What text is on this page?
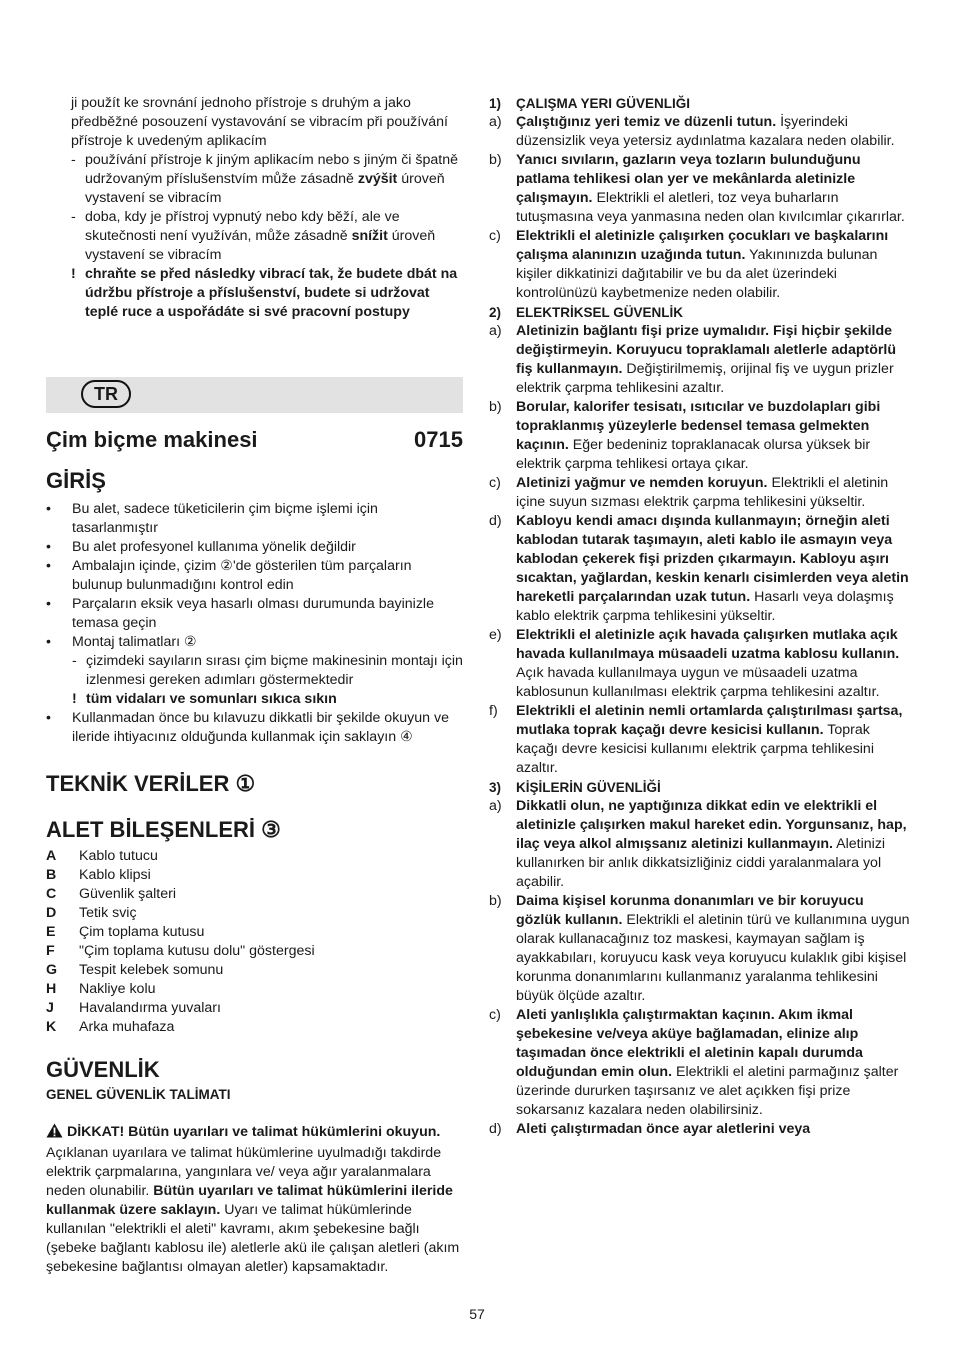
ji použít ke srovnání jednoho přístroje s druhým a jako předběžné posouzení vystavování se vibracím při používání přístroje k uvedeným aplikacím
- používání přístroje k jiným aplikacím nebo s jiným či špatně udržovaným příslušenstvím může zásadně zvýšit úroveň vystavení se vibracím
- doba, kdy je přístroj vypnutý nebo kdy běží, ale ve skutečnosti není využíván, může zásadně snížit úroveň vystavení se vibracím
! chraňte se před následky vibrací tak, že budete dbát na údržbu přístroje a příslušenství, budete si udržovat teplé ruce a uspořádáte si své pracovní postupy
TR
Çim biçme makinesi	0715
GİRİŞ
•	Bu alet, sadece tüketicilerin çim biçme işlemi için tasarlanmıştır
•	Bu alet profesyonel kullanıma yönelik değildir
•	Ambalajın içinde, çizim ②'de gösterilen tüm parçaların bulunup bulunmadığını kontrol edin
•	Parçaların eksik veya hasarlı olması durumunda bayinizle temasa geçin
•	Montaj talimatları ②
- çizimdeki sayıların sırası çim biçme makinesinin montajı için izlenmesi gereken adımları göstermektedir
! tüm vidaları ve somunları sıkıca sıkın
•	Kullanmadan önce bu kılavuzu dikkatli bir şekilde okuyun ve ileride ihtiyacınız olduğunda kullanmak için saklayın ④
TEKNİK VERİLER ①
ALET BİLEŞENLERİ ③
A	Kablo tutucu
B	Kablo klipsi
C	Güvenlik şalteri
D	Tetik sviç
E	Çim toplama kutusu
F	"Çim toplama kutusu dolu" göstergesi
G	Tespit kelebek somunu
H	Nakliye kolu
J	Havalandırma yuvaları
K	Arka muhafaza
GÜVENLİK
GENEL GÜVENLİK TALİMATI
DİKKAT! Bütün uyarıları ve talimat hükümlerini okuyun. Açıklanan uyarılara ve talimat hükümlerine uyulmadığı takdirde elektrik çarpmalarına, yangınlara ve/ veya ağır yaralanmalara neden olunabilir. Bütün uyarıları ve talimat hükümlerini ileride kullanmak üzere saklayın. Uyarı ve talimat hükümlerinde kullanılan "elektrikli el aleti" kavramı, akım şebekesine bağlı (şebeke bağlantı kablosu ile) aletlerle akü ile çalışan aletleri (akım şebekesine bağlantısı olmayan aletler) kapsamaktadır.
1)	ÇALIŞMA YERI GÜVENLIĞI
a)	Çalıştığınız yeri temiz ve düzenli tutun. İşyerindeki düzensizlik veya yetersiz aydınlatma kazalara neden olabilir.
b)	Yanıcı sıvıların, gazların veya tozların bulunduğunu patlama tehlikesi olan yer ve mekânlarda aletinizle çalışmayın. Elektrikli el aletleri, toz veya buharların tutuşmasına veya yanmasına neden olan kıvılcımlar çıkarırlar.
c)	Elektrikli el aletinizle çalışırken çocukları ve başkalarını çalışma alanınızın uzağında tutun. Yakınınızda bulunan kişiler dikkatinizi dağıtabilir ve bu da alet üzerindeki kontrolünüzü kaybetmenize neden olabilir.
2)	ELEKTRİKSEL GÜVENLİK
a)	Aletinizin bağlantı fişi prize uymalıdır. Fişi hiçbir şekilde değiştirmeyin. Koruyucu topraklamalı aletlerle adaptörlü fiş kullanmayın. Değiştirilmemiş, orijinal fiş ve uygun prizler elektrik çarpma tehlikesini azaltır.
b)	Borular, kalorifer tesisatı, ısıtıcılar ve buzdolapları gibi topraklanmış yüzeylerle bedensel temasa gelmekten kaçının. Eğer bedeniniz topraklanacak olursa yüksek bir elektrik çarpma tehlikesi ortaya çıkar.
c)	Aletinizi yağmur ve nemden koruyun. Elektrikli el aletinin içine suyun sızması elektrik çarpma tehlikesini yükseltir.
d)	Kabloyu kendi amacı dışında kullanmayın; örneğin aleti kablodan tutarak taşımayın, aleti kablo ile asmayın veya kablodan çekerek fişi prizden çıkarmayın. Kabloyu aşırı sıcaktan, yağlardan, keskin kenarlı cisimlerden veya aletin hareketli parçalarından uzak tutun. Hasarlı veya dolaşmış kablo elektrik çarpma tehlikesini yükseltir.
e)	Elektrikli el aletinizle açık havada çalışırken mutlaka açık havada kullanılmaya müsaadeli uzatma kablosu kullanın. Açık havada kullanılmaya uygun ve müsaadeli uzatma kablosunun kullanılması elektrik çarpma tehlikesini azaltır.
f)	Elektrikli el aletinin nemli ortamlarda çalıştırılması şartsa, mutlaka toprak kaçağı devre kesicisi kullanın. Toprak kaçağı devre kesicisi kullanımı elektrik çarpma tehlikesini azaltır.
3)	KİŞİLERİN GÜVENLİĞİ
a)	Dikkatli olun, ne yaptığınıza dikkat edin ve elektrikli el aletinizle çalışırken makul hareket edin. Yorgunsanız, hap, ilaç veya alkol almışsanız aletinizi kullanmayın. Aletinizi kullanırken bir anlık dikkatsizliğiniz ciddi yaralanmalara yol açabilir.
b)	Daima kişisel korunma donanımları ve bir koruyucu gözlük kullanın. Elektrikli el aletinin türü ve kullanımına uygun olarak kullanacağınız toz maskesi, kaymayan sağlam iş ayakkabıları, koruyucu kask veya koruyucu kulaklık gibi kişisel korunma donanımlarını kullanmanız yaralanma tehlikesini büyük ölçüde azaltır.
c)	Aleti yanlışlıkla çalıştırmaktan kaçının. Akım ikmal şebekesine ve/veya aküye bağlamadan, elinize alıp taşımadan önce elektrikli el aletinin kapalı durumda olduğundan emin olun. Elektrikli el aletini parmağınız şalter üzerinde dururken taşırsanız ve alet açıkken fişi prize sokarsanız kazalara neden olabilirsiniz.
d)	Aleti çalıştırmadan önce ayar aletlerini veya
57
